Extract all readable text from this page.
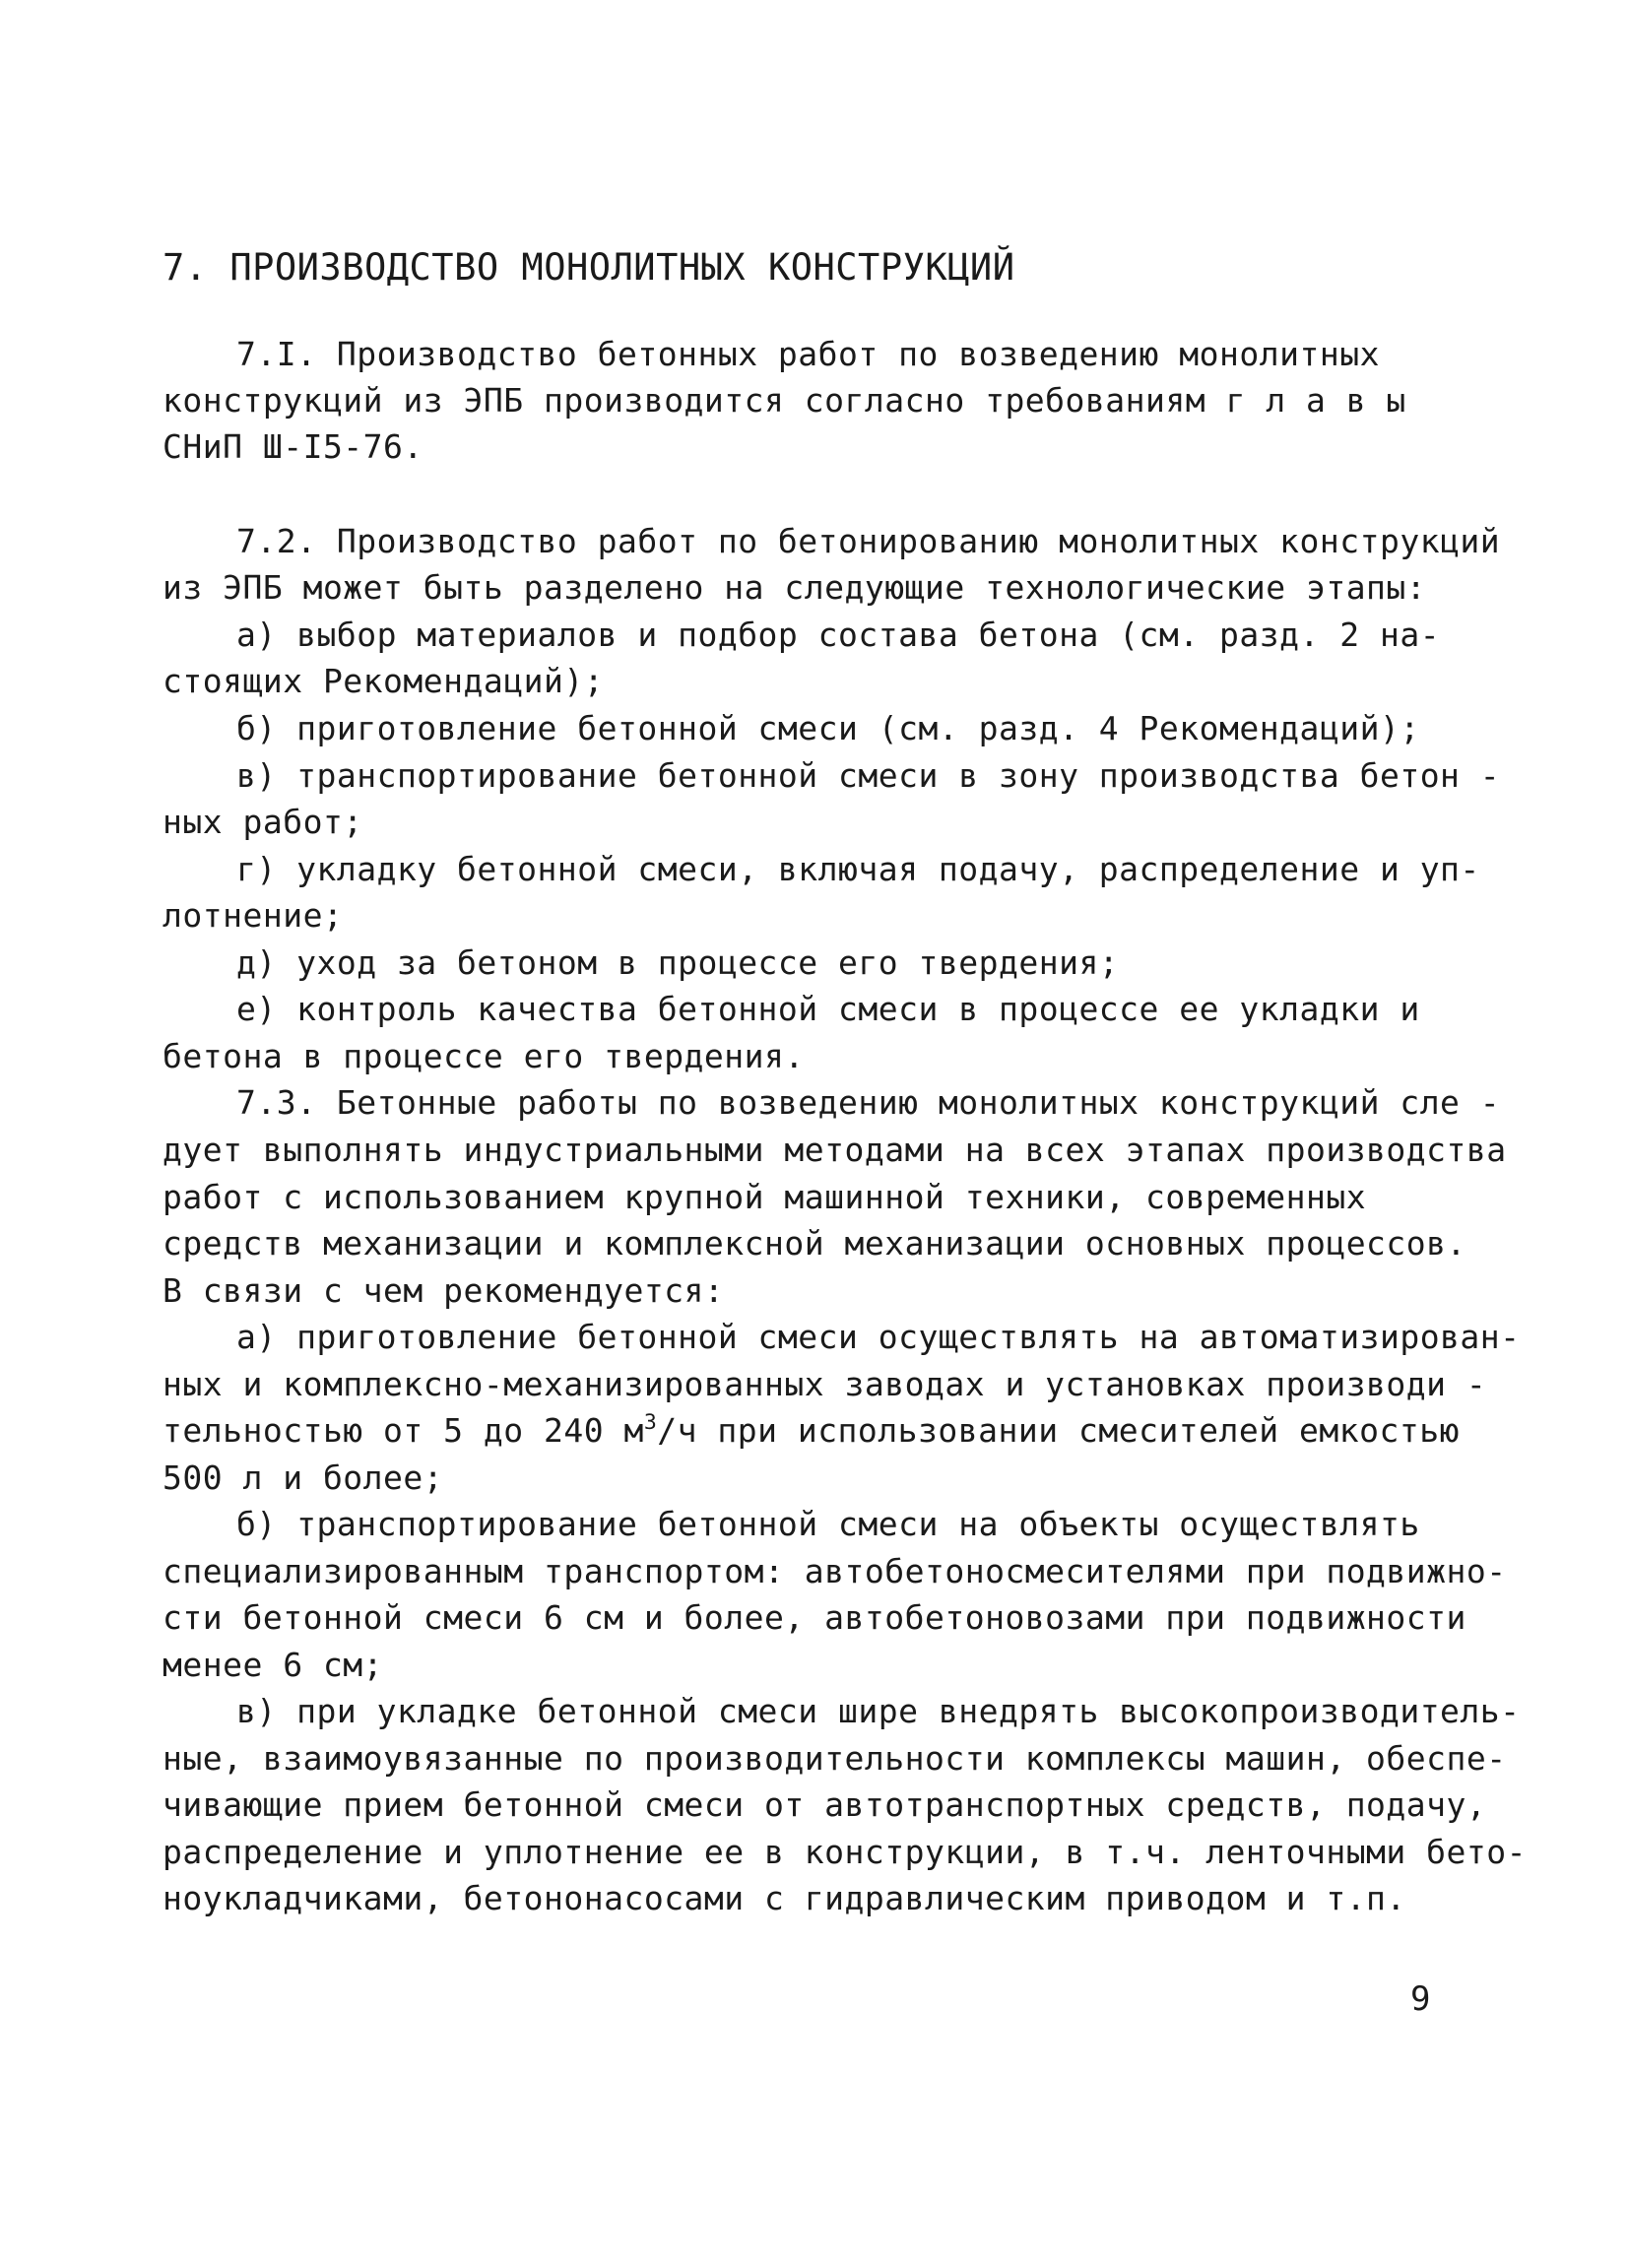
7. ПРОИЗВОДСТВО МОНОЛИТНЫХ КОНСТРУКЦИЙ
7.I. Производство бетонных работ по возведению монолитных
конструкций из ЭПБ производится согласно требованиям г л а в ы
СНиП Ш-I5-76.
7.2. Производство работ по бетонированию монолитных конструкций
из ЭПБ может быть разделено на следующие технологические этапы:
а) выбор материалов и подбор состава бетона (см. разд. 2 на-
стоящих Рекомендаций);
б) приготовление бетонной смеси (см. разд. 4 Рекомендаций);
в) транспортирование бетонной смеси в зону производства бетон -
ных работ;
г) укладку бетонной смеси, включая подачу, распределение и уп-
лотнение;
д) уход за бетоном в процессе его твердения;
е) контроль качества бетонной смеси в процессе ее укладки и
бетона в процессе его твердения.
7.3. Бетонные работы по возведению монолитных конструкций сле -
дует выполнять индустриальными методами на всех этапах производства
работ с использованием крупной машинной техники, современных
средств механизации и комплексной механизации основных процессов.
В связи с чем рекомендуется:
а) приготовление бетонной смеси осуществлять на автоматизирован-
ных и комплексно-механизированных заводах и установках производи -
тельностью от 5 до 240 $м^3/ч$ при использовании смесителей емкостью
500 л и более;
б) транспортирование бетонной смеси на объекты осуществлять
специализированным транспортом: автобетоносмесителями при подвижно-
сти бетонной смеси 6 см и более, автобетоновозами при подвижности
менее 6 см;
в) при укладке бетонной смеси шире внедрять высокопроизводитель-
ные, взаимоувязанные по производительности комплексы машин, обеспе-
чивающие прием бетонной смеси от автотранспортных средств, подачу,
распределение и уплотнение ее в конструкции, в т.ч. ленточными бето-
ноукладчиками, бетононасосами с гидравлическим приводом и т.п.
9
